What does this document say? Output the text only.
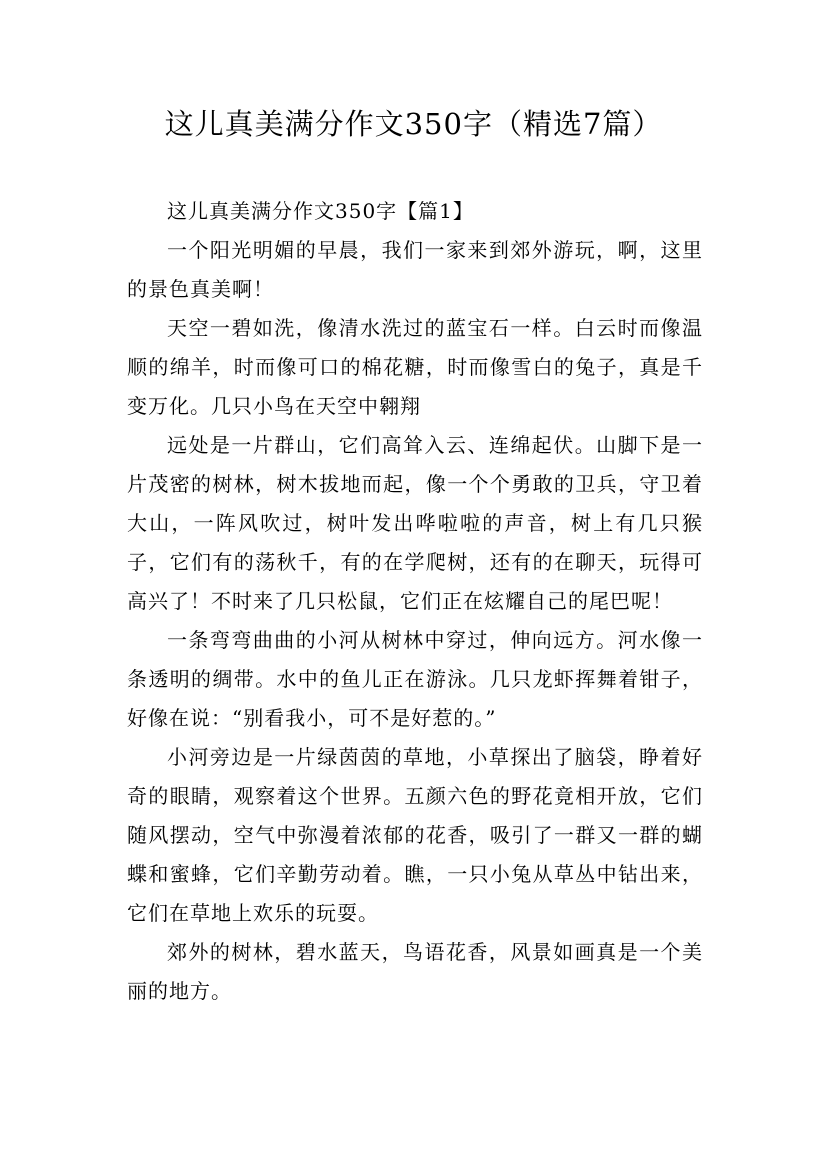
这儿真美满分作文350字（精选7篇）

这儿真美满分作文350字【篇1】

一个阳光明媚的早晨，我们一家来到郊外游玩，啊，这里的景色真美啊！

天空一碧如洗，像清水洗过的蓝宝石一样。白云时而像温顺的绵羊，时而像可口的棉花糖，时而像雪白的兔子，真是千变万化。几只小鸟在天空中翱翔

远处是一片群山，它们高耸入云、连绵起伏。山脚下是一片茂密的树林，树木拔地而起，像一个个勇敢的卫兵，守卫着大山，一阵风吹过，树叶发出哗啦啦的声音，树上有几只猴子，它们有的荡秋千，有的在学爬树，还有的在聊天，玩得可高兴了！不时来了几只松鼠，它们正在炫耀自己的尾巴呢！

一条弯弯曲曲的小河从树林中穿过，伸向远方。河水像一条透明的绸带。水中的鱼儿正在游泳。几只龙虾挥舞着钳子，好像在说：“别看我小，可不是好惹的。”

小河旁边是一片绿茵茵的草地，小草探出了脑袋，睁着好奇的眼睛，观察着这个世界。五颜六色的野花竟相开放，它们随风摆动，空气中弥漫着浓郁的花香，吸引了一群又一群的蝴蝶和蜜蜂，它们辛勤劳动着。瞧，一只小兔从草丛中钻出来，它们在草地上欢乐的玩耍。

郊外的树林，碧水蓝天，鸟语花香，风景如画真是一个美丽的地方。
